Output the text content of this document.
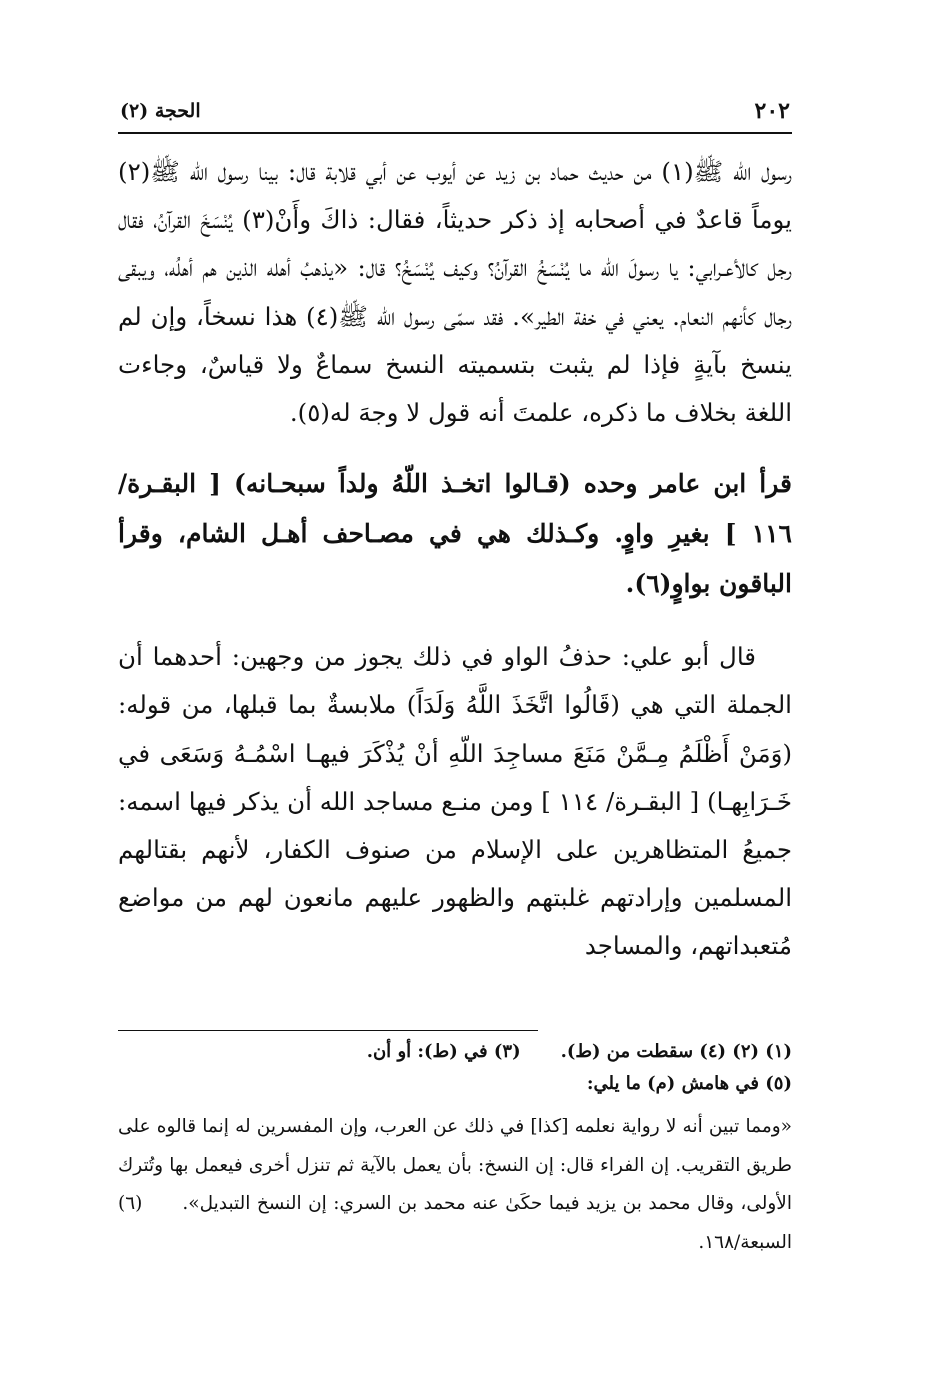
٢٠٢
الحجة (٢)

رسول الله ﷺ(١) من حديث حماد بن زيد عن أيوب عن أبي قلابة قال: بينا رسول الله ﷺ(٢) يوماً قاعدٌ في أصحابه إذ ذكر حديثاً، فقال: ذاكَ وأَنْ(٣) يُنْسَخَ القرآنُ، فقال رجل كالأعـرابي: يا رسولَ الله ما يُنْسَخُ القرآنُ؟ وكيف يُنْسَخُ؟ قال: «يذهبُ أهله الذين هم أهلُه، ويبقى رجال كأنهم النعام. يعني في خفة الطير». فقد سمّى رسول الله ﷺ(٤) هذا نسخاً، وإن لم ينسخ بآيةٍ فإذا لم يثبت بتسميته النسخ سماعٌ ولا قياسٌ، وجاءت اللغة بخلاف ما ذكره، علمتَ أنه قول لا وجهَ له(٥).

قرأ ابن عامر وحده (قـالوا اتخـذ اللّهُ ولداً سبحـانه) [ البقـرة/ ١١٦ ] بغيرِ واوٍ. وكـذلك هي في مصـاحف أهـل الشام، وقرأ الباقون بواوٍ(٦).

قال أبو علي: حذفُ الواو في ذلك يجوز من وجهين: أحدهما أن الجملة التي هي (قَالُوا اتَّخَذَ اللَّهُ وَلَدَاً) ملابسةٌ بما قبلها، من قوله: (وَمَنْ أَظْلَمُ مِـمَّنْ مَنَعَ مساجِدَ اللّهِ أنْ يُذْكَرَ فيهـا اسْمُـهُ وَسَعَى في خَـرَابِهـا) [ البقـرة/ ١١٤ ] ومن منـع مساجد الله أن يذكر فيها اسمه: جميعُ المتظاهرين على الإسلام من صنوف الكفار، لأنهم بقتالهم المسلمين وإرادتهم غلبتهم والظهور عليهم مانعون لهم من مواضع مُتعبداتهم، والمساجد

(١) (٢) (٤) سقطت من (ط).(٣) في (ط): أو أن.

(٥) في هامش (م) ما يلي:

«ومما تبين أنه لا رواية نعلمه [كذا] في ذلك عن العرب، وإن المفسرين له إنما قالوه على طريق التقريب. إن الفراء قال: إن النسخ: بأن يعمل بالآية ثم تنزل أخرى فيعمل بها وتُترك الأولى، وقال محمد بن يزيد فيما حكَىٰ عنه محمد بن السري: إن النسخ التبديل».(٦) السبعة/١٦٨.
